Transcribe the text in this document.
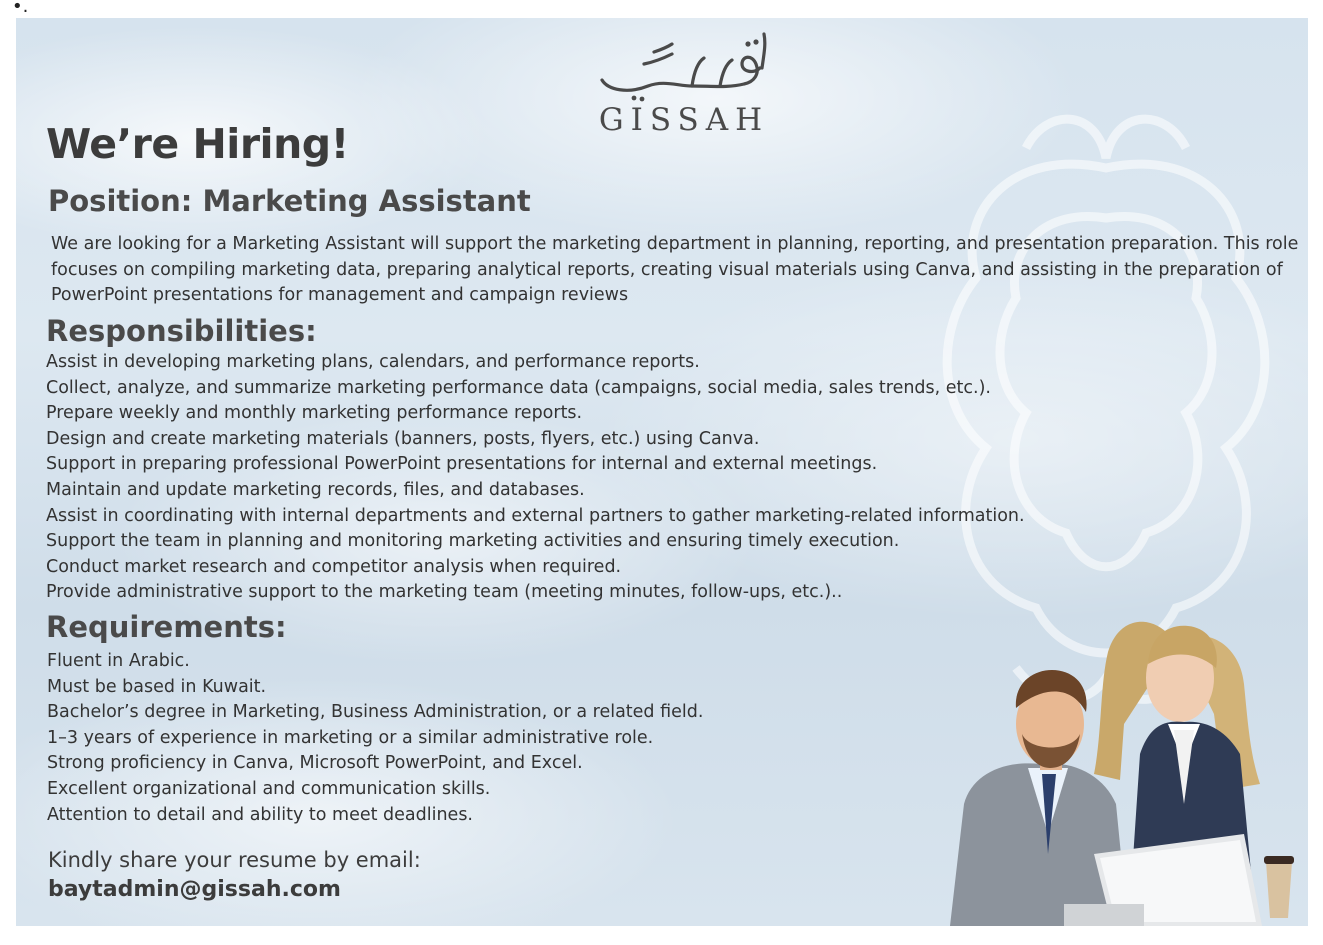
•.
GISSAH
We’re Hiring!
Position: Marketing Assistant

We are looking for a Marketing Assistant will support the marketing department in planning, reporting, and presentation preparation. This role focuses on compiling marketing data, preparing analytical reports, creating visual materials using Canva, and assisting in the preparation of PowerPoint presentations for management and campaign reviews

Responsibilities:
Assist in developing marketing plans, calendars, and performance reports.
Collect, analyze, and summarize marketing performance data (campaigns, social media, sales trends, etc.).
Prepare weekly and monthly marketing performance reports.
Design and create marketing materials (banners, posts, flyers, etc.) using Canva.
Support in preparing professional PowerPoint presentations for internal and external meetings.
Maintain and update marketing records, files, and databases.
Assist in coordinating with internal departments and external partners to gather marketing-related information.
Support the team in planning and monitoring marketing activities and ensuring timely execution.
Conduct market research and competitor analysis when required.
Provide administrative support to the marketing team (meeting minutes, follow-ups, etc.)..
Requirements:
Fluent in Arabic.
Must be based in Kuwait.
Bachelor’s degree in Marketing, Business Administration, or a related field.
1–3 years of experience in marketing or a similar administrative role.
Strong proficiency in Canva, Microsoft PowerPoint, and Excel.
Excellent organizational and communication skills.
Attention to detail and ability to meet deadlines.
Kindly share your resume by email:
baytadmin@gissah.com
